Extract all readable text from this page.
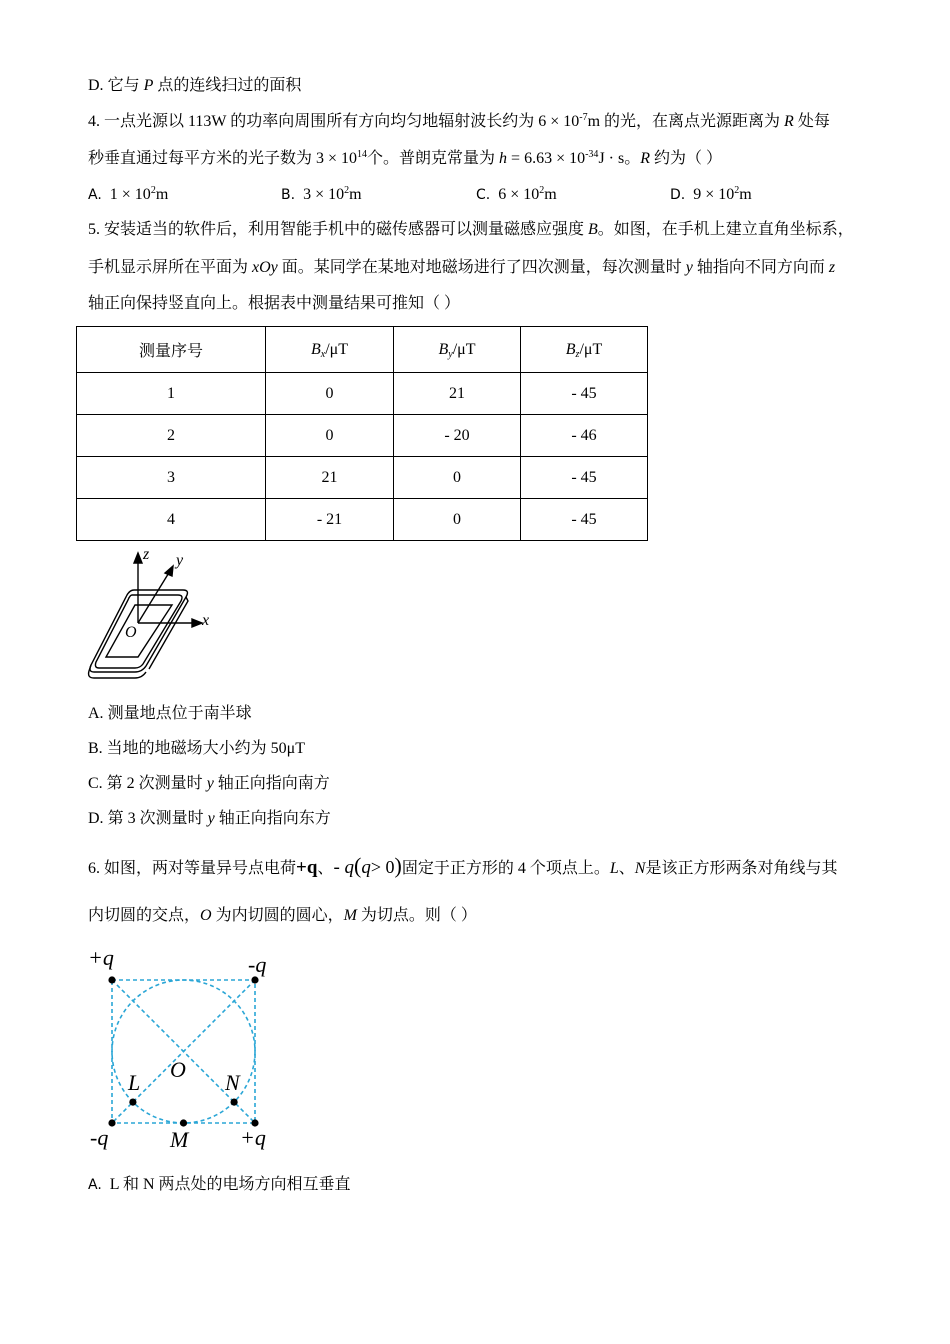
D. 它与 P 点的连线扫过的面积
4. 一点光源以 113W 的功率向周围所有方向均匀地辐射波长约为 $6 \times 10^{-7}m$ 的光，在离点光源距离为 R 处每
秒垂直通过每平方米的光子数为 $3 \times 10^{14}$个。普朗克常量为 $h = 6.63 \times 10^{-34}J \cdot s$。R 约为（ ）
A. $1 \times 10^2m$	B. $3 \times 10^2m$	C. $6 \times 10^2m$	D. $9 \times 10^2m$
5. 安装适当的软件后，利用智能手机中的磁传感器可以测量磁感应强度 B。如图，在手机上建立直角坐标系，
手机显示屏所在平面为 xOy 面。某同学在某地对地磁场进行了四次测量，每次测量时 y 轴指向不同方向而 z
轴正向保持竖直向上。根据表中测量结果可推知（ ）
测量序号	$B_x/\mu T$	$B_y/\mu T$	$B_z/\mu T$
1	0	21	- 45
2	0	- 20	- 46
3	21	0	- 45
4	- 21	0	- 45
z y
x
O
A. 测量地点位于南半球
B. 当地的地磁场大小约为 50μT
C. 第 2 次测量时 y 轴正向指向南方
D. 第 3 次测量时 y 轴正向指向东方
6. 如图，两对等量异号点电荷+q、- q(q> 0)固定于正方形的 4 个项点上。L、N是该正方形两条对角线与其
内切圆的交点，O 为内切圆的圆心，M 为切点。则（ ）
+q	-q
-q	+q
O
L	N
M
A. L 和 N 两点处的电场方向相互垂直
